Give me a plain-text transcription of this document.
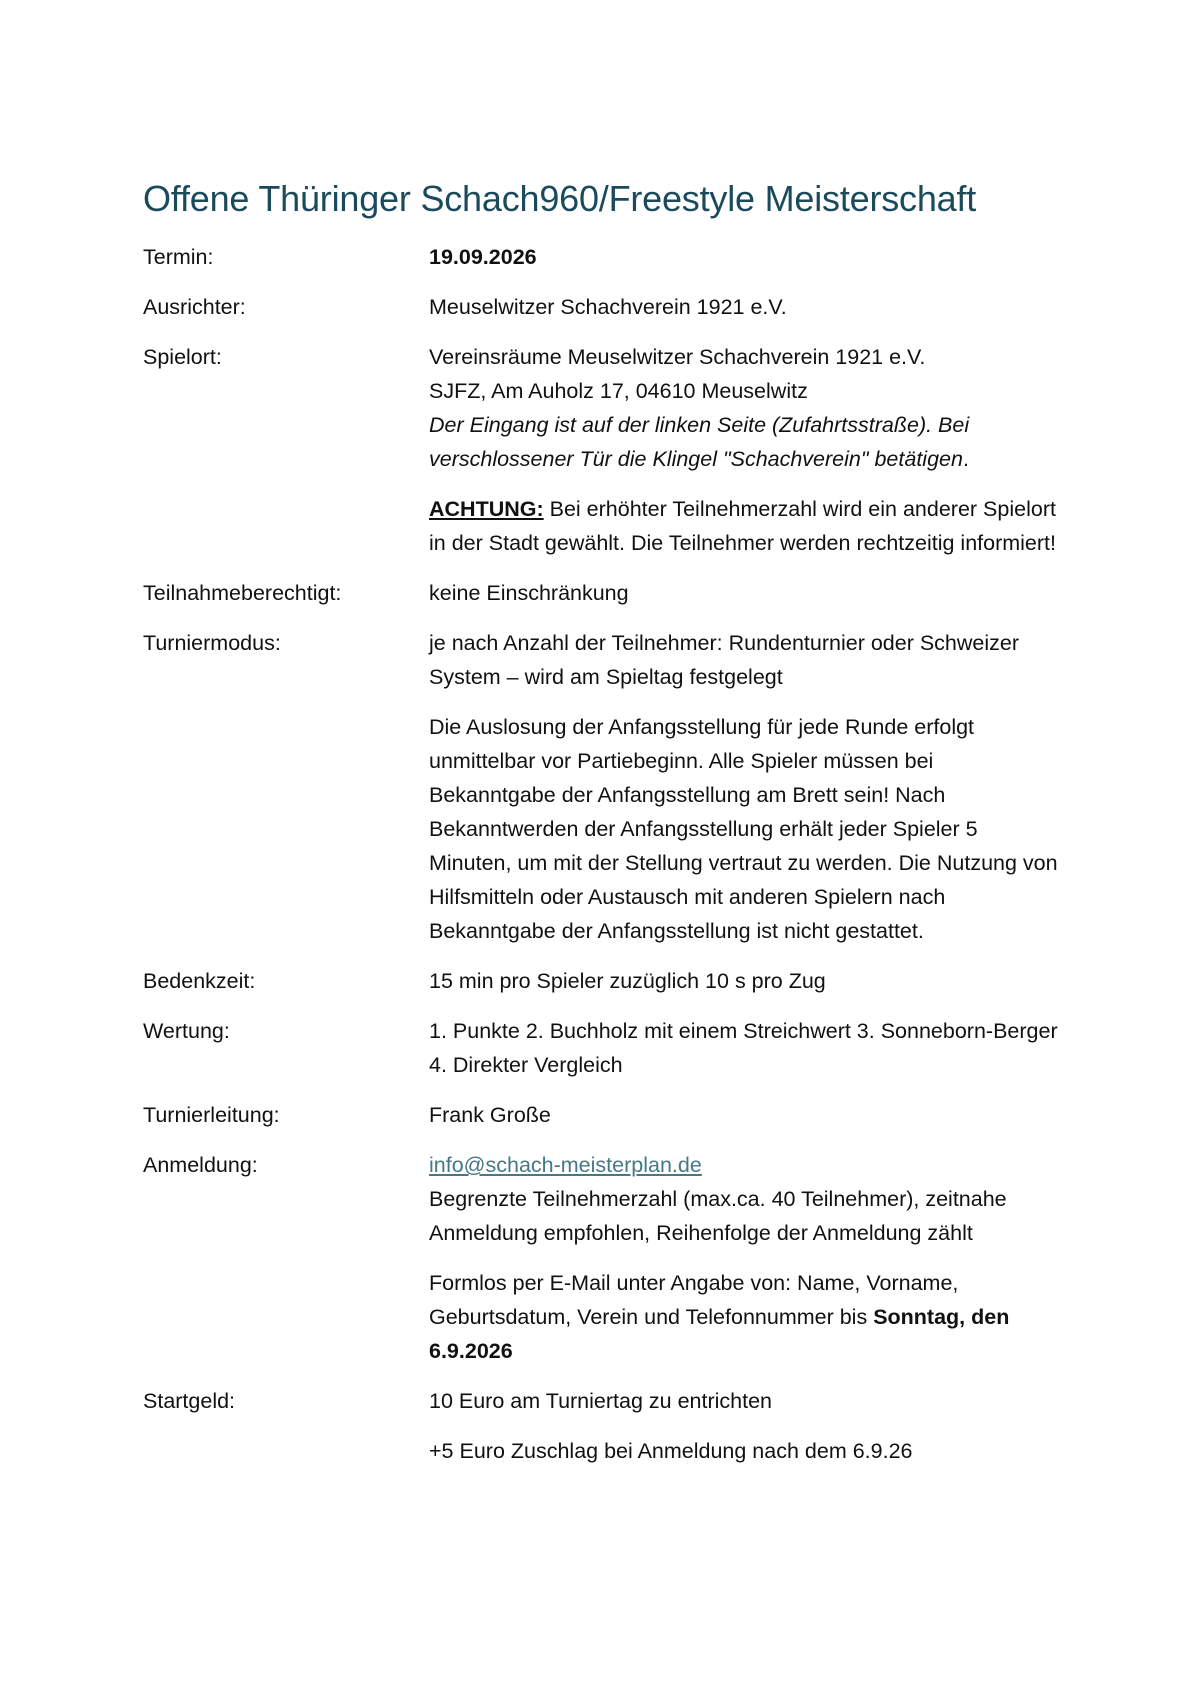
Offene Thüringer Schach960/Freestyle Meisterschaft
Termin:	19.09.2026
Ausrichter:	Meuselwitzer Schachverein 1921 e.V.
Spielort:	Vereinsräume Meuselwitzer Schachverein 1921 e.V.

SJFZ, Am Auholz 17, 04610 Meuselwitz

Der Eingang ist auf der linken Seite (Zufahrtsstraße). Bei verschlossener Tür die Klingel "Schachverein" betätigen.

ACHTUNG: Bei erhöhter Teilnehmerzahl wird ein anderer Spielort in der Stadt gewählt. Die Teilnehmer werden rechtzeitig informiert!

Teilnahmeberechtigt:	keine Einschränkung
Turniermodus:	je nach Anzahl der Teilnehmer: Rundenturnier oder Schweizer System – wird am Spieltag festgelegt

Die Auslosung der Anfangsstellung für jede Runde erfolgt unmittelbar vor Partiebeginn. Alle Spieler müssen bei Bekanntgabe der Anfangsstellung am Brett sein! Nach Bekanntwerden der Anfangsstellung erhält jeder Spieler 5 Minuten, um mit der Stellung vertraut zu werden. Die Nutzung von Hilfsmitteln oder Austausch mit anderen Spielern nach Bekanntgabe der Anfangsstellung ist nicht gestattet.

Bedenkzeit:	15 min pro Spieler zuzüglich 10 s pro Zug
Wertung:	1. Punkte 2. Buchholz mit einem Streichwert 3. Sonneborn-Berger 4. Direkter Vergleich
Turnierleitung:	Frank Große
Anmeldung:	info@schach-meisterplan.de

Begrenzte Teilnehmerzahl (max.ca. 40 Teilnehmer), zeitnahe Anmeldung empfohlen, Reihenfolge der Anmeldung zählt

Formlos per E-Mail unter Angabe von: Name, Vorname, Geburtsdatum, Verein und Telefonnummer bis Sonntag, den 6.9.2026

Startgeld:	10 Euro am Turniertag zu entrichten

+5 Euro Zuschlag bei Anmeldung nach dem 6.9.26
